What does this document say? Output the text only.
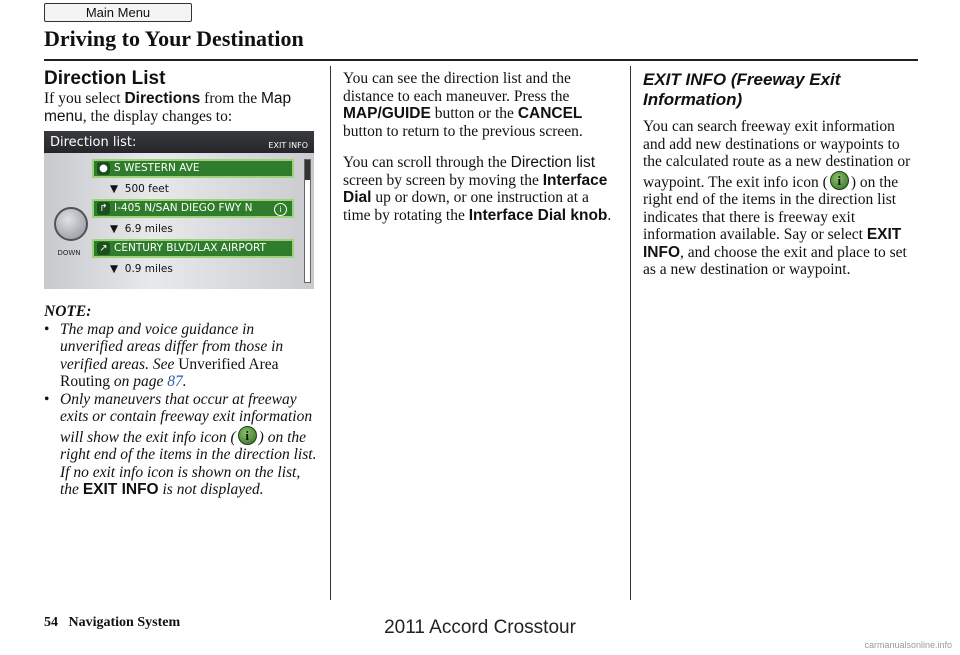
Main Menu
Driving to Your Destination
Direction List

If you select Directions from the Map menu, the display changes to:

Direction list:	EXIT INFO
DOWN
● S WESTERN AVE
▼  500 feet
↱ I-405 N/SAN DIEGO FWY N	i
▼  6.9 miles
↗ CENTURY BLVD/LAX AIRPORT
▼  0.9 miles

NOTE:

• The map and voice guidance in unverified areas differ from those in verified areas. See Unverified Area Routing on page 87.
• Only maneuvers that occur at freeway exits or contain freeway exit information will show the exit info icon ( i ) on the right end of the items in the direction list. If no exit info icon is shown on the list, the EXIT INFO is not displayed.

You can see the direction list and the distance to each maneuver. Press the MAP/GUIDE button or the CANCEL button to return to the previous screen.

You can scroll through the Direction list screen by screen by moving the Interface Dial up or down, or one instruction at a time by rotating the Interface Dial knob.

EXIT INFO (Freeway Exit Information)

You can search freeway exit information and add new destinations or waypoints to the calculated route as a new destination or waypoint. The exit info icon ( i ) on the right end of the items in the direction list indicates that there is freeway exit information available. Say or select EXIT INFO, and choose the exit and place to set as a new destination or waypoint.

54 Navigation System	2011 Accord Crosstour
carmanualsonline.info
